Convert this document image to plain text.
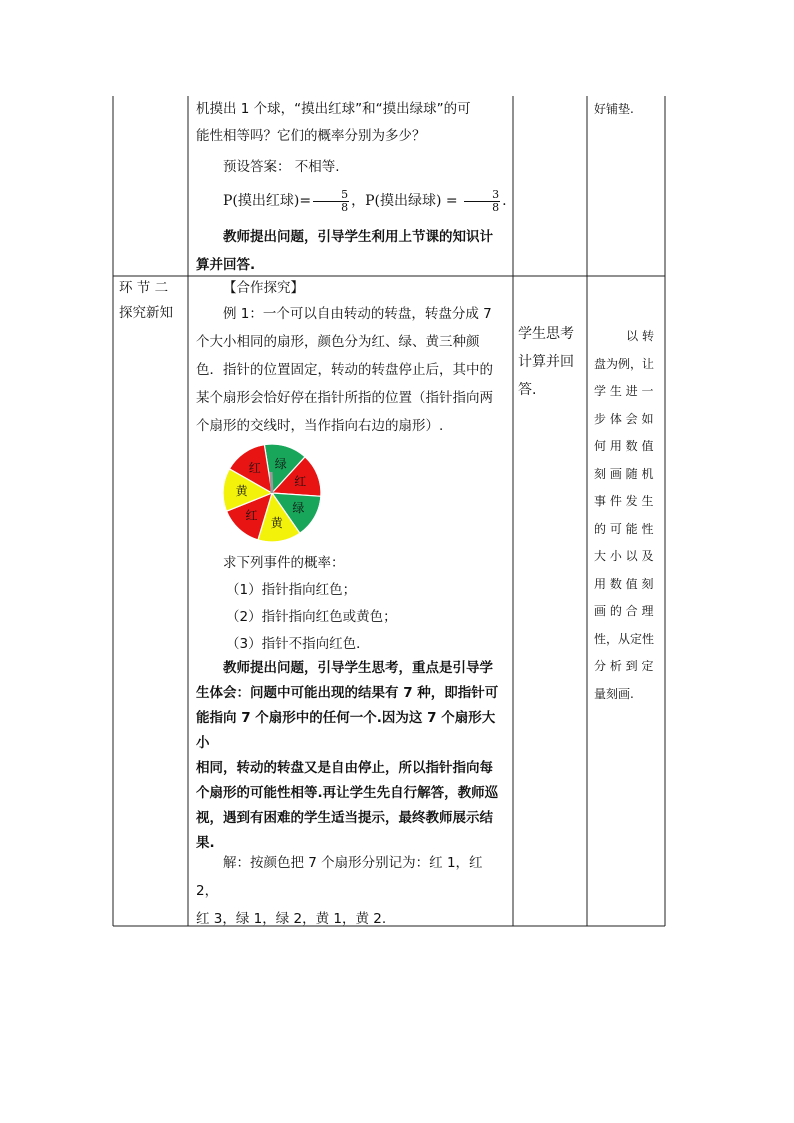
机摸出 1 个球，“摸出红球”和“摸出绿球”的可

能性相等吗？它们的概率分别为多少？

预设答案： 不相等.

P(摸出红球)= $\frac{5}{8}$ ，P(摸出绿球) = $\frac{3}{8}$ .

教师提出问题，引导学生利用上节课的知识计

算并回答.

好铺垫.

环 节 二

探究新知

【合作探究】

例 1：一个可以自由转动的转盘，转盘分成 7

个大小相同的扇形，颜色分为红、绿、黄三种颜

色．指针的位置固定，转动的转盘停止后，其中的

某个扇形会恰好停在指针所指的位置（指针指向两

个扇形的交线时，当作指向右边的扇形）.

绿
红
绿
黄
红
黄
红

求下列事件的概率：

（1）指针指向红色；

（2）指针指向红色或黄色；

（3）指针不指向红色．

教师提出问题，引导学生思考，重点是引导学

生体会：问题中可能出现的结果有 7 种，即指针可

能指向 7 个扇形中的任何一个.因为这 7 个扇形大小

相同，转动的转盘又是自由停止，所以指针指向每

个扇形的可能性相等.再让学生先自行解答，教师巡

视，遇到有困难的学生适当提示，最终教师展示结

果.

解：按颜色把 7 个扇形分别记为：红 1，红 2，

红 3，绿 1，绿 2，黄 1，黄 2.

学生思考

计算并回

答.

以 转

盘为例，让

学 生 进 一

步 体 会 如

何 用 数 值

刻 画 随 机

事 件 发 生

的 可 能 性

大 小 以 及

用 数 值 刻

画 的 合 理

性，从定性

分 析 到 定

量刻画.
